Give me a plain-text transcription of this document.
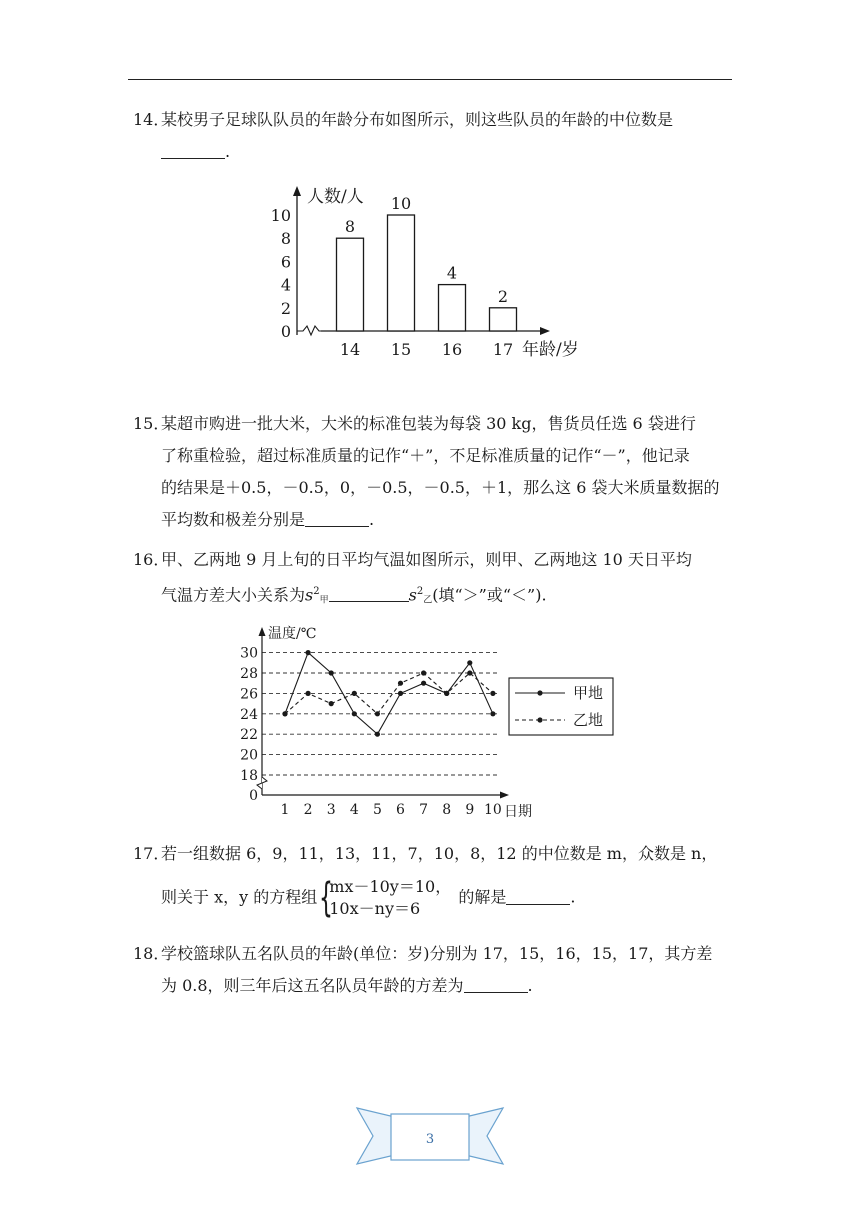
14．某校男子足球队队员的年龄分布如图所示，则这些队员的年龄的中位数是
.
0
2
4
6
8
10
人数/人
8
14
10
15
4
16
2
17 年龄/岁
15．某超市购进一批大米，大米的标准包装为每袋 30 kg，售货员任选 6 袋进行
了称重检验，超过标准质量的记作“＋”，不足标准质量的记作“－”，他记录
的结果是＋0.5，－0.5，0，－0.5，－0.5，＋1，那么这 6 袋大米质量数据的
平均数和极差分别是	.
16．甲、乙两地 9 月上旬的日平均气温如图所示，则甲、乙两地这 10 天日平均
气温方差大小关系为$s^2_甲$	$s^2_乙$(填“＞”或“＜”).
0
18
20
22
24
26
28
30
温度/℃
1 2 3 4 5 6 7 8 9 10 日期
甲地
乙地
17．若一组数据 6，9，11，13，11，7，10，8，12 的中位数是 m，众数是 n，
则关于 x，y 的方程组 {
mx－10y＝10，
10x－ny＝6
的解是	.
18．学校篮球队五名队员的年龄(单位：岁)分别为 17，15，16，15，17，其方差
为 0.8，则三年后这五名队员年龄的方差为	.
3
